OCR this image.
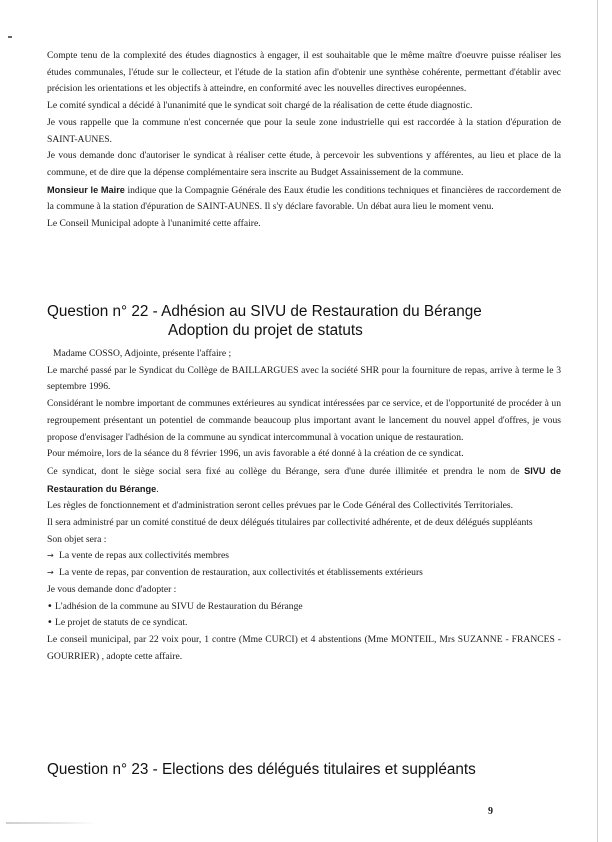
Compte tenu de la complexité des études diagnostics à engager, il est souhaitable que le même maître d'oeuvre puisse réaliser les études communales, l'étude sur le collecteur, et l'étude de la station afin d'obtenir une synthèse cohérente, permettant d'établir avec précision les orientations et les objectifs à atteindre, en conformité avec les nouvelles directives européennes.

Le comité syndical a décidé à l'unanimité que le syndicat soit chargé de la réalisation de cette étude diagnostic.

Je vous rappelle que la commune n'est concernée que pour la seule zone industrielle qui est raccordée à la station d'épuration de SAINT-AUNES.

Je vous demande donc d'autoriser le syndicat à réaliser cette étude, à percevoir les subventions y afférentes, au lieu et place de la commune, et de dire que la dépense complémentaire sera inscrite au Budget Assainissement de la commune.

Monsieur le Maire indique que la Compagnie Générale des Eaux étudie les conditions techniques et financières de raccordement de la commune à la station d'épuration de SAINT-AUNES. Il s'y déclare favorable. Un débat aura lieu le moment venu.

Le Conseil Municipal adopte à l'unanimité cette affaire.

Question n° 22 - Adhésion au SIVU de Restauration du Bérange
Adoption du projet de statuts

Madame COSSO, Adjointe, présente l'affaire ;

Le marché passé par le Syndicat du Collège de BAILLARGUES avec la société SHR pour la fourniture de repas, arrive à terme le 3 septembre 1996.

Considérant le nombre important de communes extérieures au syndicat intéressées par ce service, et de l'opportunité de procéder à un regroupement présentant un potentiel de commande beaucoup plus important avant le lancement du nouvel appel d'offres, je vous propose d'envisager l'adhésion de la commune au syndicat intercommunal à vocation unique de restauration.

Pour mémoire, lors de la séance du 8 février 1996, un avis favorable a été donné à la création de ce syndicat.

Ce syndicat, dont le siège social sera fixé au collège du Bérange, sera d'une durée illimitée et prendra le nom de SIVU de Restauration du Bérange.

Les règles de fonctionnement et d'administration seront celles prévues par le Code Général des Collectivités Territoriales.

Il sera administré par un comité constitué de deux délégués titulaires par collectivité adhérente, et de deux délégués suppléants

Son objet sera :

→ La vente de repas aux collectivités membres

→ La vente de repas, par convention de restauration, aux collectivités et établissements extérieurs

Je vous demande donc d'adopter :

• L'adhésion de la commune au SIVU de Restauration du Bérange

• Le projet de statuts de ce syndicat.

Le conseil municipal, par 22 voix pour, 1 contre (Mme CURCI) et 4 abstentions (Mme MONTEIL, Mrs SUZANNE - FRANCES - GOURRIER) , adopte cette affaire.

Question n° 23 - Elections des délégués titulaires et suppléants
9
